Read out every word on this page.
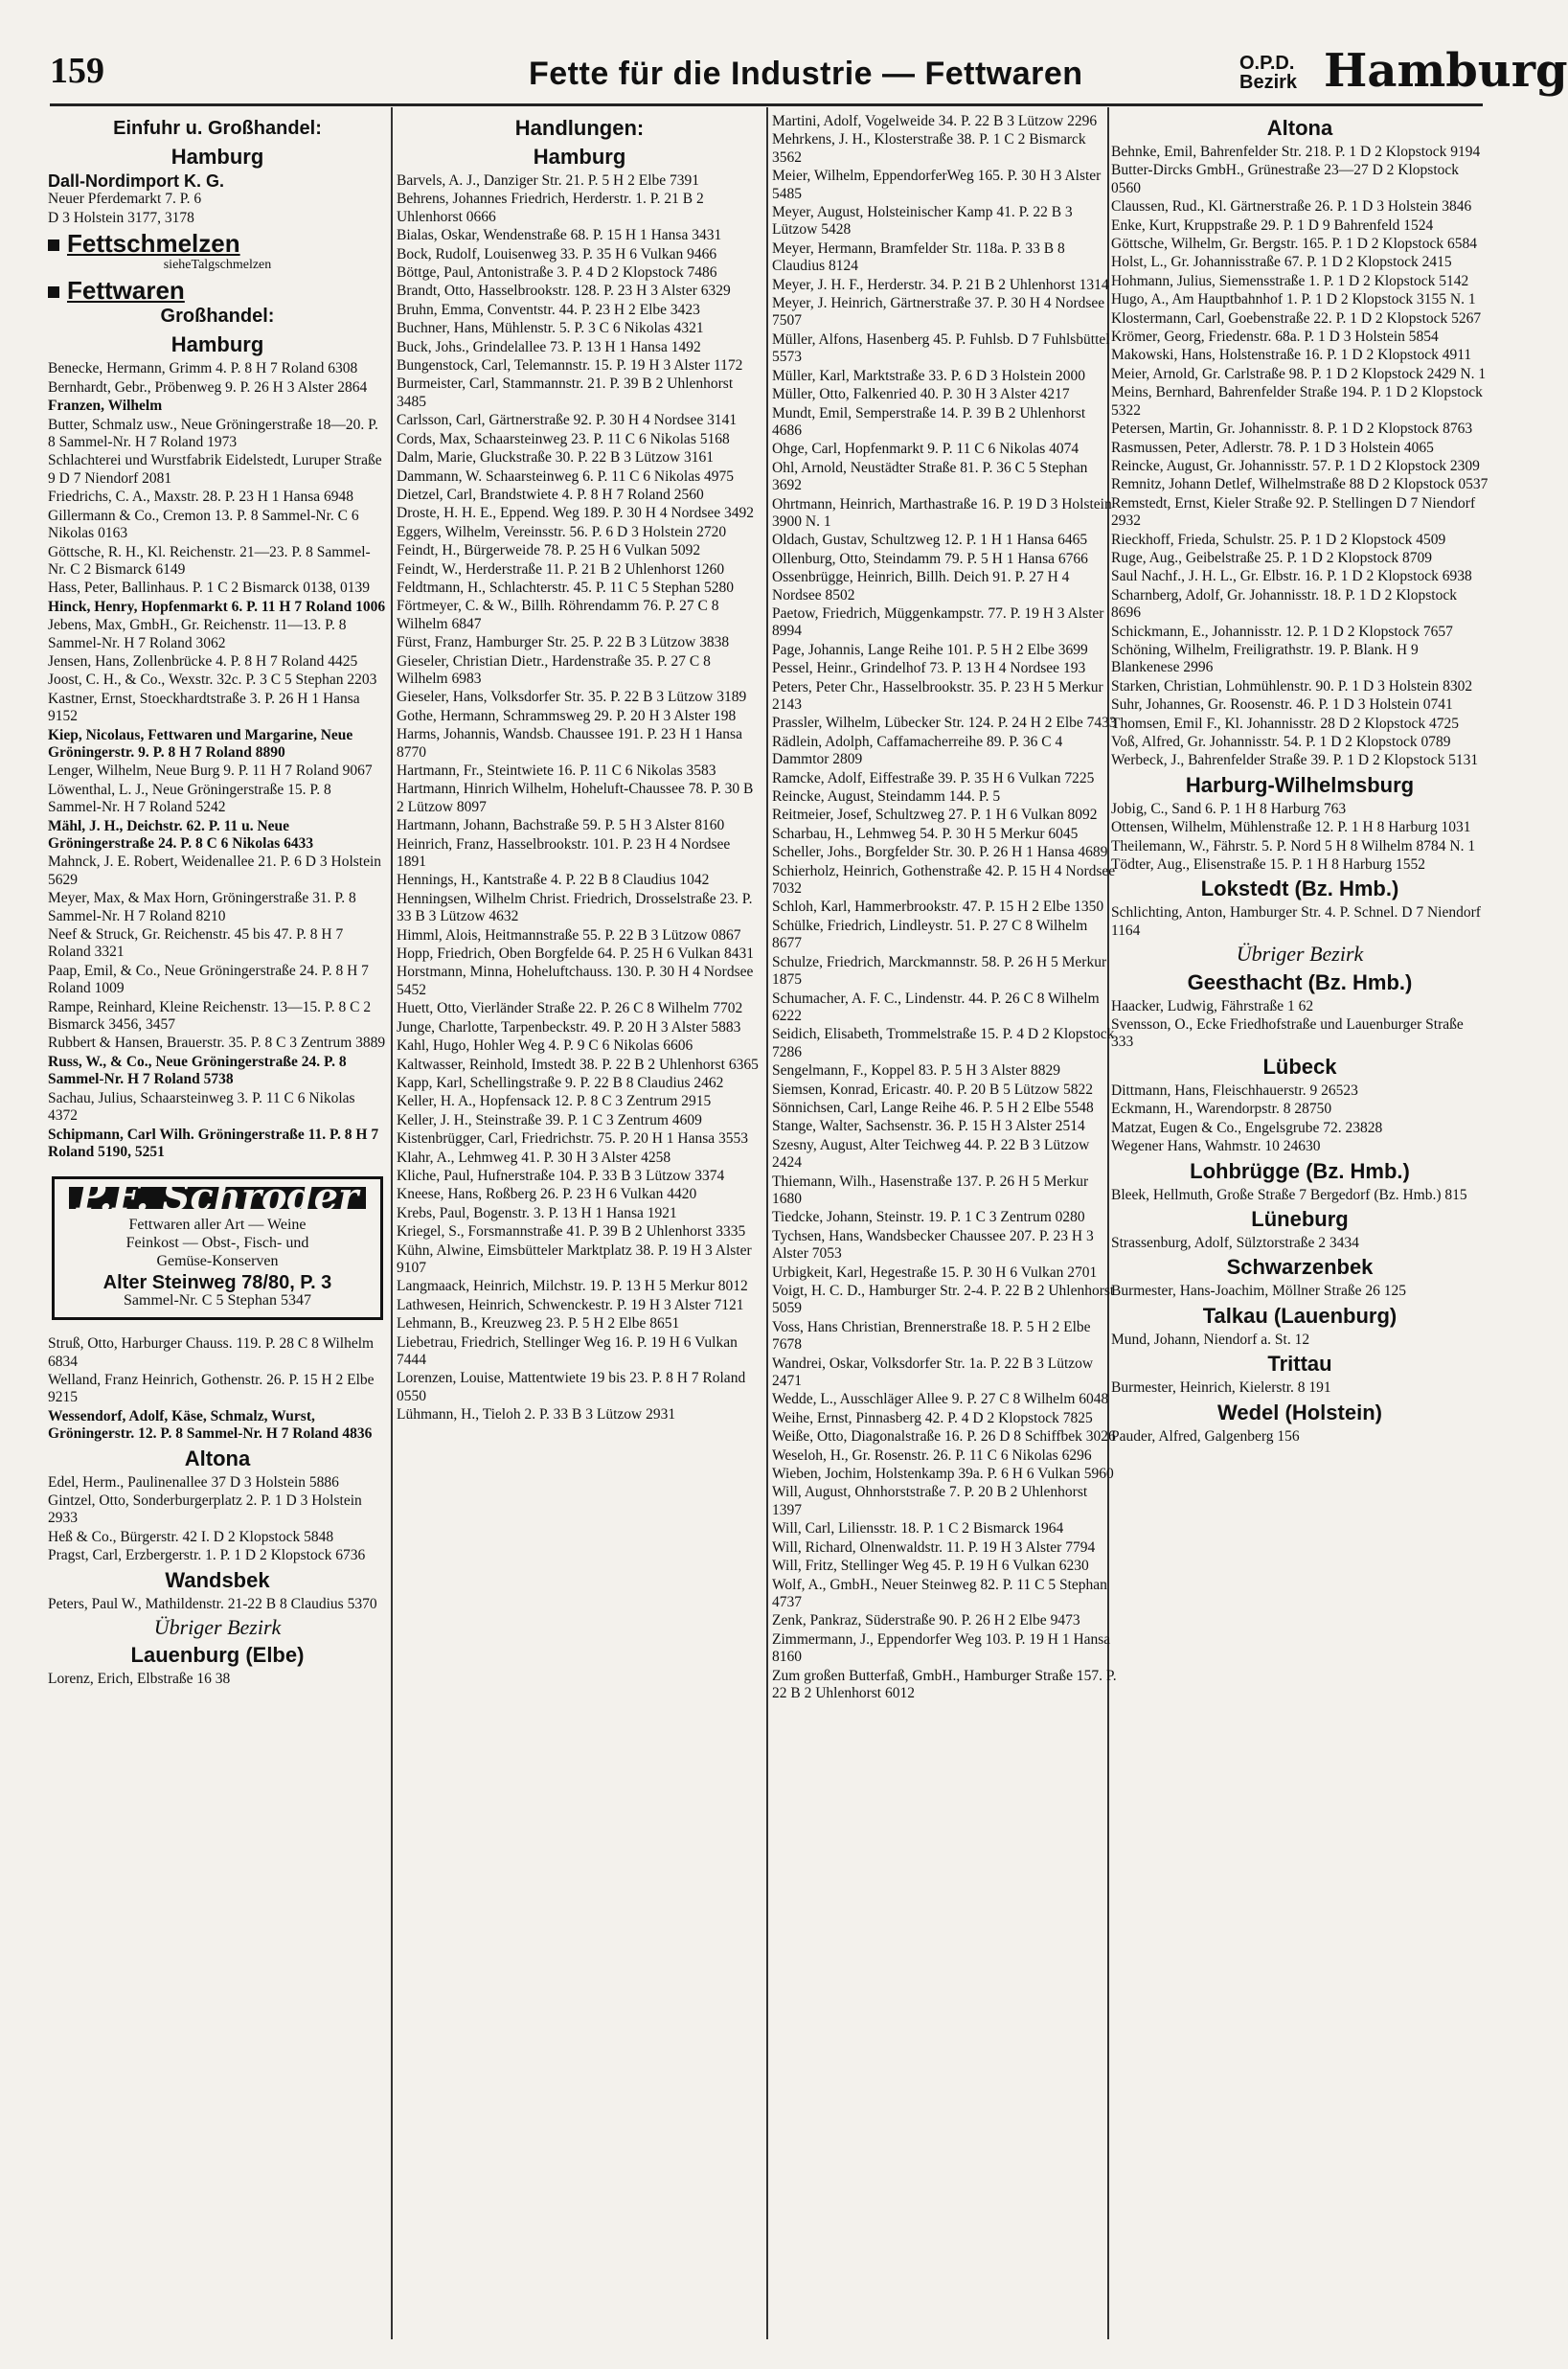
159	Fette für die Industrie — Fettwaren	O.P.D.
Bezirk Hamburg
Einfuhr u. Großhandel:
Hamburg
Dall-Nordimport K. G.
Neuer Pferdemarkt 7. P. 6
D 3 Holstein 3177, 3178
Fettschmelzen
sieheTalgschmelzen
Fettwaren
Großhandel:
Hamburg
Benecke, Hermann, Grimm 4. P. 8 H 7 Roland 6308
Bernhardt, Gebr., Pröbenweg 9. P. 26 H 3 Alster 2864
Franzen, Wilhelm
Butter, Schmalz usw., Neue Gröningerstraße 18—20. P. 8 Sammel-Nr. H 7 Roland 1973
Schlachterei und Wurstfabrik Eidelstedt, Luruper Straße 9 D 7 Niendorf 2081
Friedrichs, C. A., Maxstr. 28. P. 23 H 1 Hansa 6948
Gillermann & Co., Cremon 13. P. 8 Sammel-Nr. C 6 Nikolas 0163
Göttsche, R. H., Kl. Reichenstr. 21—23. P. 8 Sammel-Nr. C 2 Bismarck 6149
Hass, Peter, Ballinhaus. P. 1 C 2 Bismarck 0138, 0139
Hinck, Henry, Hopfenmarkt 6. P. 11 H 7 Roland 1006
Jebens, Max, GmbH., Gr. Reichenstr. 11—13. P. 8 Sammel-Nr. H 7 Roland 3062
Jensen, Hans, Zollenbrücke 4. P. 8 H 7 Roland 4425
Joost, C. H., & Co., Wexstr. 32c. P. 3 C 5 Stephan 2203
Kastner, Ernst, Stoeckhardtstraße 3. P. 26 H 1 Hansa 9152
Kiep, Nicolaus, Fettwaren und Margarine, Neue Gröningerstr. 9. P. 8 H 7 Roland 8890
Lenger, Wilhelm, Neue Burg 9. P. 11 H 7 Roland 9067
Löwenthal, L. J., Neue Gröningerstraße 15. P. 8 Sammel-Nr. H 7 Roland 5242
Mähl, J. H., Deichstr. 62. P. 11 u. Neue Gröningerstraße 24. P. 8 C 6 Nikolas 6433
Mahnck, J. E. Robert, Weidenallee 21. P. 6 D 3 Holstein 5629
Meyer, Max, & Max Horn, Gröningerstraße 31. P. 8 Sammel-Nr. H 7 Roland 8210
Neef & Struck, Gr. Reichenstr. 45 bis 47. P. 8 H 7 Roland 3321
Paap, Emil, & Co., Neue Gröningerstraße 24. P. 8 H 7 Roland 1009
Rampe, Reinhard, Kleine Reichenstr. 13—15. P. 8 C 2 Bismarck 3456, 3457
Rubbert & Hansen, Brauerstr. 35. P. 8 C 3 Zentrum 3889
Russ, W., & Co., Neue Gröningerstraße 24. P. 8 Sammel-Nr. H 7 Roland 5738
Sachau, Julius, Schaarsteinweg 3. P. 11 C 6 Nikolas 4372
Schipmann, Carl Wilh. Gröningerstraße 11. P. 8 H 7 Roland 5190, 5251
P.F. Schröder
Fettwaren aller Art — Weine
Feinkost — Obst-, Fisch- und
Gemüse-Konserven
Alter Steinweg 78/80, P. 3
Sammel-Nr. C 5 Stephan 5347
Struß, Otto, Harburger Chauss. 119. P. 28 C 8 Wilhelm 6834
Welland, Franz Heinrich, Gothenstr. 26. P. 15 H 2 Elbe 9215
Wessendorf, Adolf, Käse, Schmalz, Wurst, Gröningerstr. 12. P. 8 Sammel-Nr. H 7 Roland 4836
Altona
Edel, Herm., Paulinenallee 37 D 3 Holstein 5886
Gintzel, Otto, Sonderburgerplatz 2. P. 1 D 3 Holstein 2933
Heß & Co., Bürgerstr. 42 I. D 2 Klopstock 5848
Pragst, Carl, Erzbergerstr. 1. P. 1 D 2 Klopstock 6736
Wandsbek
Peters, Paul W., Mathildenstr. 21-22 B 8 Claudius 5370
Übriger Bezirk
Lauenburg (Elbe)
Lorenz, Erich, Elbstraße 16 38
Handlungen:
Hamburg
Barvels, A. J., Danziger Str. 21. P. 5 H 2 Elbe 7391
Behrens, Johannes Friedrich, Herderstr. 1. P. 21 B 2 Uhlenhorst 0666
Bialas, Oskar, Wendenstraße 68. P. 15 H 1 Hansa 3431
Bock, Rudolf, Louisenweg 33. P. 35 H 6 Vulkan 9466
Böttge, Paul, Antonistraße 3. P. 4 D 2 Klopstock 7486
Brandt, Otto, Hasselbrookstr. 128. P. 23 H 3 Alster 6329
Bruhn, Emma, Conventstr. 44. P. 23 H 2 Elbe 3423
Buchner, Hans, Mühlenstr. 5. P. 3 C 6 Nikolas 4321
Buck, Johs., Grindelallee 73. P. 13 H 1 Hansa 1492
Bungenstock, Carl, Telemannstr. 15. P. 19 H 3 Alster 1172
Burmeister, Carl, Stammannstr. 21. P. 39 B 2 Uhlenhorst 3485
Carlsson, Carl, Gärtnerstraße 92. P. 30 H 4 Nordsee 3141
Cords, Max, Schaarsteinweg 23. P. 11 C 6 Nikolas 5168
Dalm, Marie, Gluckstraße 30. P. 22 B 3 Lützow 3161
Dammann, W. Schaarsteinweg 6. P. 11 C 6 Nikolas 4975
Dietzel, Carl, Brandstwiete 4. P. 8 H 7 Roland 2560
Droste, H. H. E., Eppend. Weg 189. P. 30 H 4 Nordsee 3492
Eggers, Wilhelm, Vereinsstr. 56. P. 6 D 3 Holstein 2720
Feindt, H., Bürgerweide 78. P. 25 H 6 Vulkan 5092
Feindt, W., Herderstraße 11. P. 21 B 2 Uhlenhorst 1260
Feldtmann, H., Schlachterstr. 45. P. 11 C 5 Stephan 5280
Förtmeyer, C. & W., Billh. Röhrendamm 76. P. 27 C 8 Wilhelm 6847
Fürst, Franz, Hamburger Str. 25. P. 22 B 3 Lützow 3838
Gieseler, Christian Dietr., Hardenstraße 35. P. 27 C 8 Wilhelm 6983
Gieseler, Hans, Volksdorfer Str. 35. P. 22 B 3 Lützow 3189
Gothe, Hermann, Schrammsweg 29. P. 20 H 3 Alster 198
Harms, Johannis, Wandsb. Chaussee 191. P. 23 H 1 Hansa 8770
Hartmann, Fr., Steintwiete 16. P. 11 C 6 Nikolas 3583
Hartmann, Hinrich Wilhelm, Hoheluft-Chaussee 78. P. 30 B 2 Lützow 8097
Hartmann, Johann, Bachstraße 59. P. 5 H 3 Alster 8160
Heinrich, Franz, Hasselbrookstr. 101. P. 23 H 4 Nordsee 1891
Hennings, H., Kantstraße 4. P. 22 B 8 Claudius 1042
Henningsen, Wilhelm Christ. Friedrich, Drosselstraße 23. P. 33 B 3 Lützow 4632
Himml, Alois, Heitmannstraße 55. P. 22 B 3 Lützow 0867
Hopp, Friedrich, Oben Borgfelde 64. P. 25 H 6 Vulkan 8431
Horstmann, Minna, Hoheluftchauss. 130. P. 30 H 4 Nordsee 5452
Huett, Otto, Vierländer Straße 22. P. 26 C 8 Wilhelm 7702
Junge, Charlotte, Tarpenbeckstr. 49. P. 20 H 3 Alster 5883
Kahl, Hugo, Hohler Weg 4. P. 9 C 6 Nikolas 6606
Kaltwasser, Reinhold, Imstedt 38. P. 22 B 2 Uhlenhorst 6365
Kapp, Karl, Schellingstraße 9. P. 22 B 8 Claudius 2462
Keller, H. A., Hopfensack 12. P. 8 C 3 Zentrum 2915
Keller, J. H., Steinstraße 39. P. 1 C 3 Zentrum 4609
Kistenbrügger, Carl, Friedrichstr. 75. P. 20 H 1 Hansa 3553
Klahr, A., Lehmweg 41. P. 30 H 3 Alster 4258
Kliche, Paul, Hufnerstraße 104. P. 33 B 3 Lützow 3374
Kneese, Hans, Roßberg 26. P. 23 H 6 Vulkan 4420
Krebs, Paul, Bogenstr. 3. P. 13 H 1 Hansa 1921
Kriegel, S., Forsmannstraße 41. P. 39 B 2 Uhlenhorst 3335
Kühn, Alwine, Eimsbütteler Marktplatz 38. P. 19 H 3 Alster 9107
Langmaack, Heinrich, Milchstr. 19. P. 13 H 5 Merkur 8012
Lathwesen, Heinrich, Schwenckestr. P. 19 H 3 Alster 7121
Lehmann, B., Kreuzweg 23. P. 5 H 2 Elbe 8651
Liebetrau, Friedrich, Stellinger Weg 16. P. 19 H 6 Vulkan 7444
Lorenzen, Louise, Mattentwiete 19 bis 23. P. 8 H 7 Roland 0550
Lühmann, H., Tieloh 2. P. 33 B 3 Lützow 2931
Martini, Adolf, Vogelweide 34. P. 22 B 3 Lützow 2296
Mehrkens, J. H., Klosterstraße 38. P. 1 C 2 Bismarck 3562
Meier, Wilhelm, EppendorferWeg 165. P. 30 H 3 Alster 5485
Meyer, August, Holsteinischer Kamp 41. P. 22 B 3 Lützow 5428
Meyer, Hermann, Bramfelder Str. 118a. P. 33 B 8 Claudius 8124
Meyer, J. H. F., Herderstr. 34. P. 21 B 2 Uhlenhorst 1314
Meyer, J. Heinrich, Gärtnerstraße 37. P. 30 H 4 Nordsee 7507
Müller, Alfons, Hasenberg 45. P. Fuhlsb. D 7 Fuhlsbüttel 5573
Müller, Karl, Marktstraße 33. P. 6 D 3 Holstein 2000
Müller, Otto, Falkenried 40. P. 30 H 3 Alster 4217
Mundt, Emil, Semperstraße 14. P. 39 B 2 Uhlenhorst 4686
Ohge, Carl, Hopfenmarkt 9. P. 11 C 6 Nikolas 4074
Ohl, Arnold, Neustädter Straße 81. P. 36 C 5 Stephan 3692
Ohrtmann, Heinrich, Marthastraße 16. P. 19 D 3 Holstein 3900 N. 1
Oldach, Gustav, Schultzweg 12. P. 1 H 1 Hansa 6465
Ollenburg, Otto, Steindamm 79. P. 5 H 1 Hansa 6766
Ossenbrügge, Heinrich, Billh. Deich 91. P. 27 H 4 Nordsee 8502
Paetow, Friedrich, Müggenkampstr. 77. P. 19 H 3 Alster 8994
Page, Johannis, Lange Reihe 101. P. 5 H 2 Elbe 3699
Pessel, Heinr., Grindelhof 73. P. 13 H 4 Nordsee 193
Peters, Peter Chr., Hasselbrookstr. 35. P. 23 H 5 Merkur 2143
Prassler, Wilhelm, Lübecker Str. 124. P. 24 H 2 Elbe 7433
Rädlein, Adolph, Caffamacherreihe 89. P. 36 C 4 Dammtor 2809
Ramcke, Adolf, Eiffestraße 39. P. 35 H 6 Vulkan 7225
Reincke, August, Steindamm 144. P. 5
Reitmeier, Josef, Schultzweg 27. P. 1 H 6 Vulkan 8092
Scharbau, H., Lehmweg 54. P. 30 H 5 Merkur 6045
Scheller, Johs., Borgfelder Str. 30. P. 26 H 1 Hansa 4689
Schierholz, Heinrich, Gothenstraße 42. P. 15 H 4 Nordsee 7032
Schloh, Karl, Hammerbrookstr. 47. P. 15 H 2 Elbe 1350
Schülke, Friedrich, Lindleystr. 51. P. 27 C 8 Wilhelm 8677
Schulze, Friedrich, Marckmannstr. 58. P. 26 H 5 Merkur 1875
Schumacher, A. F. C., Lindenstr. 44. P. 26 C 8 Wilhelm 6222
Seidich, Elisabeth, Trommelstraße 15. P. 4 D 2 Klopstock 7286
Sengelmann, F., Koppel 83. P. 5 H 3 Alster 8829
Siemsen, Konrad, Ericastr. 40. P. 20 B 5 Lützow 5822
Sönnichsen, Carl, Lange Reihe 46. P. 5 H 2 Elbe 5548
Stange, Walter, Sachsenstr. 36. P. 15 H 3 Alster 2514
Szesny, August, Alter Teichweg 44. P. 22 B 3 Lützow 2424
Thiemann, Wilh., Hasenstraße 137. P. 26 H 5 Merkur 1680
Tiedcke, Johann, Steinstr. 19. P. 1 C 3 Zentrum 0280
Tychsen, Hans, Wandsbecker Chaussee 207. P. 23 H 3 Alster 7053
Urbigkeit, Karl, Hegestraße 15. P. 30 H 6 Vulkan 2701
Voigt, H. C. D., Hamburger Str. 2-4. P. 22 B 2 Uhlenhorst 5059
Voss, Hans Christian, Brennerstraße 18. P. 5 H 2 Elbe 7678
Wandrei, Oskar, Volksdorfer Str. 1a. P. 22 B 3 Lützow 2471
Wedde, L., Ausschläger Allee 9. P. 27 C 8 Wilhelm 6048
Weihe, Ernst, Pinnasberg 42. P. 4 D 2 Klopstock 7825
Weiße, Otto, Diagonalstraße 16. P. 26 D 8 Schiffbek 3026
Weseloh, H., Gr. Rosenstr. 26. P. 11 C 6 Nikolas 6296
Wieben, Jochim, Holstenkamp 39a. P. 6 H 6 Vulkan 5960
Will, August, Ohnhorststraße 7. P. 20 B 2 Uhlenhorst 1397
Will, Carl, Liliensstr. 18. P. 1 C 2 Bismarck 1964
Will, Richard, Olnenwaldstr. 11. P. 19 H 3 Alster 7794
Will, Fritz, Stellinger Weg 45. P. 19 H 6 Vulkan 6230
Wolf, A., GmbH., Neuer Steinweg 82. P. 11 C 5 Stephan 4737
Zenk, Pankraz, Süderstraße 90. P. 26 H 2 Elbe 9473
Zimmermann, J., Eppendorfer Weg 103. P. 19 H 1 Hansa 8160
Zum großen Butterfaß, GmbH., Hamburger Straße 157. P. 22 B 2 Uhlenhorst 6012
Altona
Behnke, Emil, Bahrenfelder Str. 218. P. 1 D 2 Klopstock 9194
Butter-Dircks GmbH., Grünestraße 23—27 D 2 Klopstock 0560
Claussen, Rud., Kl. Gärtnerstraße 26. P. 1 D 3 Holstein 3846
Enke, Kurt, Kruppstraße 29. P. 1 D 9 Bahrenfeld 1524
Göttsche, Wilhelm, Gr. Bergstr. 165. P. 1 D 2 Klopstock 6584
Holst, L., Gr. Johannisstraße 67. P. 1 D 2 Klopstock 2415
Hohmann, Julius, Siemensstraße 1. P. 1 D 2 Klopstock 5142
Hugo, A., Am Hauptbahnhof 1. P. 1 D 2 Klopstock 3155 N. 1
Klostermann, Carl, Goebenstraße 22. P. 1 D 2 Klopstock 5267
Krömer, Georg, Friedenstr. 68a. P. 1 D 3 Holstein 5854
Makowski, Hans, Holstenstraße 16. P. 1 D 2 Klopstock 4911
Meier, Arnold, Gr. Carlstraße 98. P. 1 D 2 Klopstock 2429 N. 1
Meins, Bernhard, Bahrenfelder Straße 194. P. 1 D 2 Klopstock 5322
Petersen, Martin, Gr. Johannisstr. 8. P. 1 D 2 Klopstock 8763
Rasmussen, Peter, Adlerstr. 78. P. 1 D 3 Holstein 4065
Reincke, August, Gr. Johannisstr. 57. P. 1 D 2 Klopstock 2309
Remnitz, Johann Detlef, Wilhelmstraße 88 D 2 Klopstock 0537
Remstedt, Ernst, Kieler Straße 92. P. Stellingen D 7 Niendorf 2932
Rieckhoff, Frieda, Schulstr. 25. P. 1 D 2 Klopstock 4509
Ruge, Aug., Geibelstraße 25. P. 1 D 2 Klopstock 8709
Saul Nachf., J. H. L., Gr. Elbstr. 16. P. 1 D 2 Klopstock 6938
Scharnberg, Adolf, Gr. Johannisstr. 18. P. 1 D 2 Klopstock 8696
Schickmann, E., Johannisstr. 12. P. 1 D 2 Klopstock 7657
Schöning, Wilhelm, Freiligrathstr. 19. P. Blank. H 9 Blankenese 2996
Starken, Christian, Lohmühlenstr. 90. P. 1 D 3 Holstein 8302
Suhr, Johannes, Gr. Roosenstr. 46. P. 1 D 3 Holstein 0741
Thomsen, Emil F., Kl. Johannisstr. 28 D 2 Klopstock 4725
Voß, Alfred, Gr. Johannisstr. 54. P. 1 D 2 Klopstock 0789
Werbeck, J., Bahrenfelder Straße 39. P. 1 D 2 Klopstock 5131
Harburg-Wilhelmsburg
Jobig, C., Sand 6. P. 1 H 8 Harburg 763
Ottensen, Wilhelm, Mühlenstraße 12. P. 1 H 8 Harburg 1031
Theilemann, W., Fährstr. 5. P. Nord 5 H 8 Wilhelm 8784 N. 1
Tödter, Aug., Elisenstraße 15. P. 1 H 8 Harburg 1552
Lokstedt (Bz. Hmb.)
Schlichting, Anton, Hamburger Str. 4. P. Schnel. D 7 Niendorf 1164
Übriger Bezirk
Geesthacht (Bz. Hmb.)
Haacker, Ludwig, Fährstraße 1 62
Svensson, O., Ecke Friedhofstraße und Lauenburger Straße 333
Lübeck
Dittmann, Hans, Fleischhauerstr. 9 26523
Eckmann, H., Warendorpstr. 8 28750
Matzat, Eugen & Co., Engelsgrube 72. 23828
Wegener Hans, Wahmstr. 10 24630
Lohbrügge (Bz. Hmb.)
Bleek, Hellmuth, Große Straße 7 Bergedorf (Bz. Hmb.) 815
Lüneburg
Strassenburg, Adolf, Sülztorstraße 2 3434
Schwarzenbek
Burmester, Hans-Joachim, Möllner Straße 26 125
Talkau (Lauenburg)
Mund, Johann, Niendorf a. St. 12
Trittau
Burmester, Heinrich, Kielerstr. 8 191
Wedel (Holstein)
Pauder, Alfred, Galgenberg 156
